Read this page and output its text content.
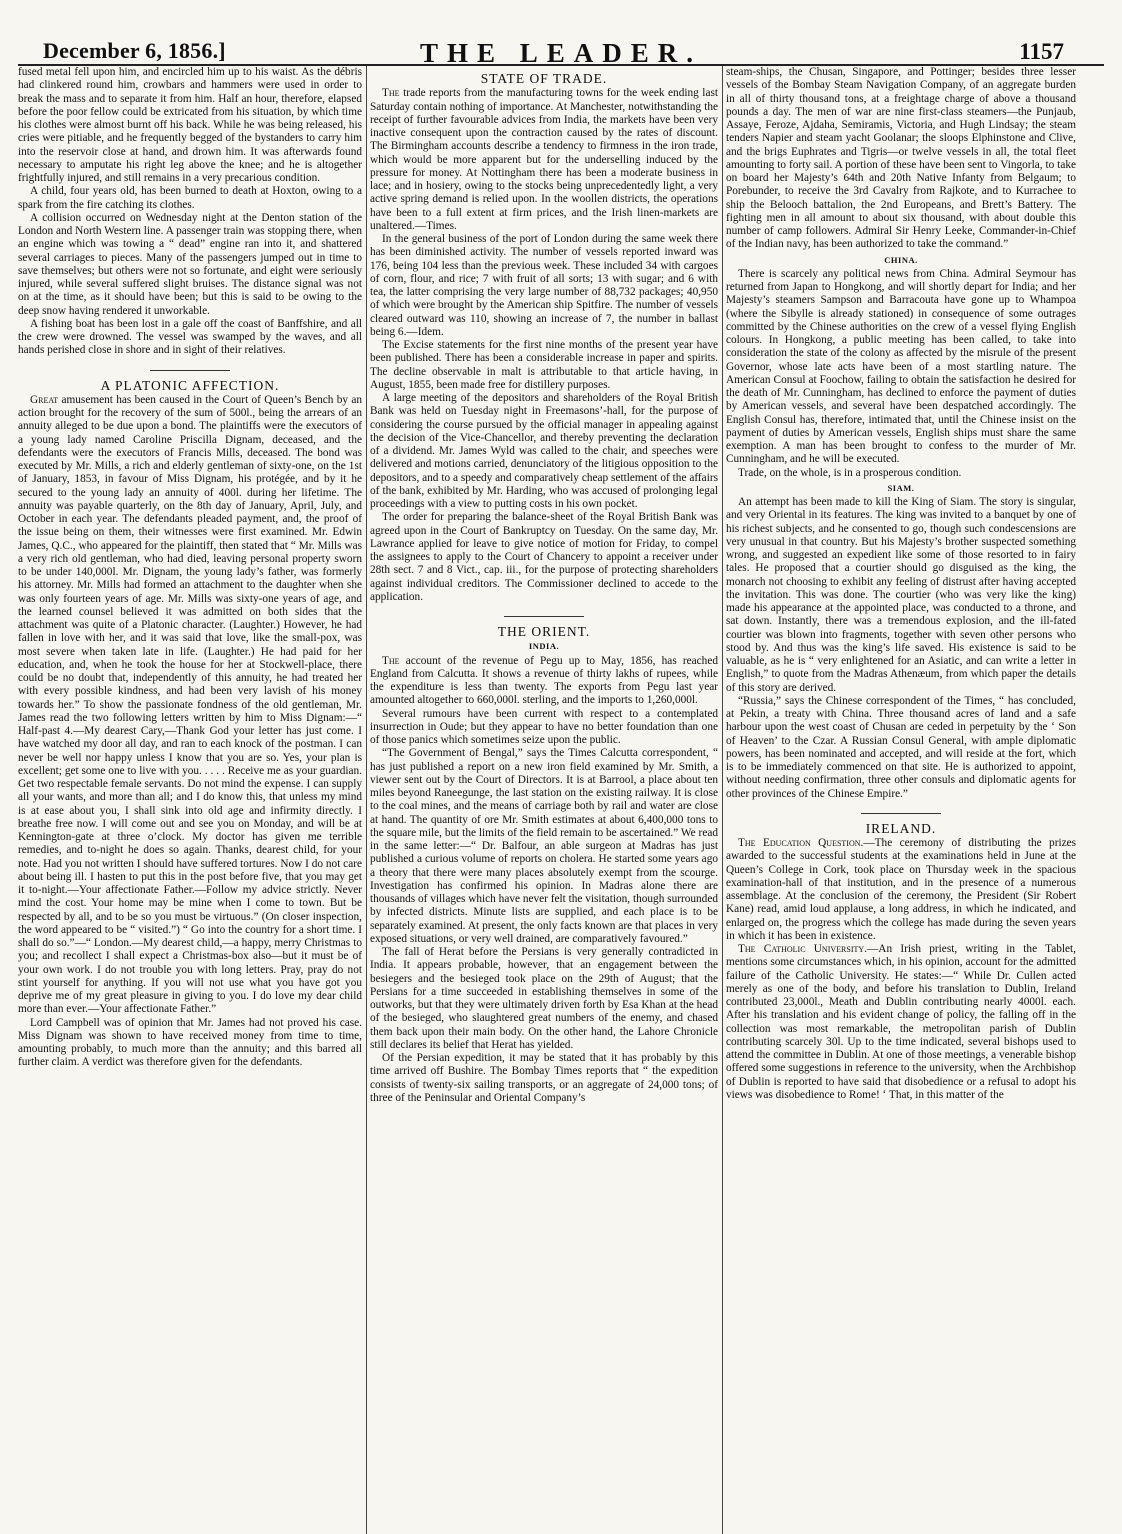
December 6, 1856.]	THE LEADER.	1157

fused metal fell upon him, and encircled him up to his waist. As the débris had clinkered round him, crowbars and hammers were used in order to break the mass and to separate it from him. Half an hour, therefore, elapsed before the poor fellow could be extricated from his situation, by which time his clothes were almost burnt off his back. While he was being released, his cries were pitiable, and he frequently begged of the bystanders to carry him into the reservoir close at hand, and drown him. It was afterwards found necessary to amputate his right leg above the knee; and he is altogether frightfully injured, and still remains in a very precarious condition.

A child, four years old, has been burned to death at Hoxton, owing to a spark from the fire catching its clothes.

A collision occurred on Wednesday night at the Denton station of the London and North Western line. A passenger train was stopping there, when an engine which was towing a “ dead” engine ran into it, and shattered several carriages to pieces. Many of the passengers jumped out in time to save themselves; but others were not so fortunate, and eight were seriously injured, while several suffered slight bruises. The distance signal was not on at the time, as it should have been; but this is said to be owing to the deep snow having rendered it unworkable.

A fishing boat has been lost in a gale off the coast of Banffshire, and all the crew were drowned. The vessel was swamped by the waves, and all hands perished close in shore and in sight of their relatives.

A PLATONIC AFFECTION.

Great amusement has been caused in the Court of Queen’s Bench by an action brought for the recovery of the sum of 500l., being the arrears of an annuity alleged to be due upon a bond. The plaintiffs were the executors of a young lady named Caroline Priscilla Dignam, deceased, and the defendants were the executors of Francis Mills, deceased. The bond was executed by Mr. Mills, a rich and elderly gentleman of sixty-one, on the 1st of January, 1853, in favour of Miss Dignam, his protégée, and by it he secured to the young lady an annuity of 400l. during her lifetime. The annuity was payable quarterly, on the 8th day of January, April, July, and October in each year. The defendants pleaded payment, and, the proof of the issue being on them, their witnesses were first examined. Mr. Edwin James, Q.C., who appeared for the plaintiff, then stated that “ Mr. Mills was a very rich old gentleman, who had died, leaving personal property sworn to be under 140,000l. Mr. Dignam, the young lady’s father, was formerly his attorney. Mr. Mills had formed an attachment to the daughter when she was only fourteen years of age. Mr. Mills was sixty-one years of age, and the learned counsel believed it was admitted on both sides that the attachment was quite of a Platonic character. (Laughter.) However, he had fallen in love with her, and it was said that love, like the small-pox, was most severe when taken late in life. (Laughter.) He had paid for her education, and, when he took the house for her at Stockwell-place, there could be no doubt that, independently of this annuity, he had treated her with every possible kindness, and had been very lavish of his money towards her.” To show the passionate fondness of the old gentleman, Mr. James read the two following letters written by him to Miss Dignam:—“ Half-past 4.—My dearest Cary,—Thank God your letter has just come. I have watched my door all day, and ran to each knock of the postman. I can never be well nor happy unless I know that you are so. Yes, your plan is excellent; get some one to live with you. . . . . Receive me as your guardian. Get two respectable female servants. Do not mind the expense. I can supply all your wants, and more than all; and I do know this, that unless my mind is at ease about you, I shall sink into old age and infirmity directly. I breathe free now. I will come out and see you on Monday, and will be at Kennington-gate at three o’clock. My doctor has given me terrible remedies, and to-night he does so again. Thanks, dearest child, for your note. Had you not written I should have suffered tortures. Now I do not care about being ill. I hasten to put this in the post before five, that you may get it to-night.—Your affectionate Father.—Follow my advice strictly. Never mind the cost. Your home may be mine when I come to town. But be respected by all, and to be so you must be virtuous.” (On closer inspection, the word appeared to be “ visited.”) “ Go into the country for a short time. I shall do so.”—“ London.—My dearest child,—a happy, merry Christmas to you; and recollect I shall expect a Christmas-box also—but it must be of your own work. I do not trouble you with long letters. Pray, pray do not stint yourself for anything. If you will not use what you have got you deprive me of my great pleasure in giving to you. I do love my dear child more than ever.—Your affectionate Father.”

Lord Campbell was of opinion that Mr. James had not proved his case. Miss Dignam was shown to have received money from time to time, amounting probably, to much more than the annuity; and this barred all further claim. A verdict was therefore given for the defendants.

STATE OF TRADE.

The trade reports from the manufacturing towns for the week ending last Saturday contain nothing of importance. At Manchester, notwithstanding the receipt of further favourable advices from India, the markets have been very inactive consequent upon the contraction caused by the rates of discount. The Birmingham accounts describe a tendency to firmness in the iron trade, which would be more apparent but for the underselling induced by the pressure for money. At Nottingham there has been a moderate business in lace; and in hosiery, owing to the stocks being unprecedentedly light, a very active spring demand is relied upon. In the woollen districts, the operations have been to a full extent at firm prices, and the Irish linen-markets are unaltered.—Times.

In the general business of the port of London during the same week there has been diminished activity. The number of vessels reported inward was 176, being 104 less than the previous week. These included 34 with cargoes of corn, flour, and rice; 7 with fruit of all sorts; 13 with sugar; and 6 with tea, the latter comprising the very large number of 88,732 packages; 40,950 of which were brought by the American ship Spitfire. The number of vessels cleared outward was 110, showing an increase of 7, the number in ballast being 6.—Idem.

The Excise statements for the first nine months of the present year have been published. There has been a considerable increase in paper and spirits. The decline observable in malt is attributable to that article having, in August, 1855, been made free for distillery purposes.

A large meeting of the depositors and shareholders of the Royal British Bank was held on Tuesday night in Freemasons’-hall, for the purpose of considering the course pursued by the official manager in appealing against the decision of the Vice-Chancellor, and thereby preventing the declaration of a dividend. Mr. James Wyld was called to the chair, and speeches were delivered and motions carried, denunciatory of the litigious opposition to the depositors, and to a speedy and comparatively cheap settlement of the affairs of the bank, exhibited by Mr. Harding, who was accused of prolonging legal proceedings with a view to putting costs in his own pocket.

The order for preparing the balance-sheet of the Royal British Bank was agreed upon in the Court of Bankruptcy on Tuesday. On the same day, Mr. Lawrance applied for leave to give notice of motion for Friday, to compel the assignees to apply to the Court of Chancery to appoint a receiver under 28th sect. 7 and 8 Vict., cap. iii., for the purpose of protecting shareholders against individual creditors. The Commissioner declined to accede to the application.

THE ORIENT.
INDIA.

The account of the revenue of Pegu up to May, 1856, has reached England from Calcutta. It shows a revenue of thirty lakhs of rupees, while the expenditure is less than twenty. The exports from Pegu last year amounted altogether to 660,000l. sterling, and the imports to 1,260,000l.

Several rumours have been current with respect to a contemplated insurrection in Oude; but they appear to have no better foundation than one of those panics which sometimes seize upon the public.

“The Government of Bengal,” says the Times Calcutta correspondent, “ has just published a report on a new iron field examined by Mr. Smith, a viewer sent out by the Court of Directors. It is at Barrool, a place about ten miles beyond Raneegunge, the last station on the existing railway. It is close to the coal mines, and the means of carriage both by rail and water are close at hand. The quantity of ore Mr. Smith estimates at about 6,400,000 tons to the square mile, but the limits of the field remain to be ascertained.” We read in the same letter:—“ Dr. Balfour, an able surgeon at Madras has just published a curious volume of reports on cholera. He started some years ago a theory that there were many places absolutely exempt from the scourge. Investigation has confirmed his opinion. In Madras alone there are thousands of villages which have never felt the visitation, though surrounded by infected districts. Minute lists are supplied, and each place is to be separately examined. At present, the only facts known are that places in very exposed situations, or very well drained, are comparatively favoured.”

The fall of Herat before the Persians is very generally contradicted in India. It appears probable, however, that an engagement between the besiegers and the besieged took place on the 29th of August; that the Persians for a time succeeded in establishing themselves in some of the outworks, but that they were ultimately driven forth by Esa Khan at the head of the besieged, who slaughtered great numbers of the enemy, and chased them back upon their main body. On the other hand, the Lahore Chronicle still declares its belief that Herat has yielded.

Of the Persian expedition, it may be stated that it has probably by this time arrived off Bushire. The Bombay Times reports that “ the expedition consists of twenty-six sailing transports, or an aggregate of 24,000 tons; of three of the Peninsular and Oriental Company’s

steam-ships, the Chusan, Singapore, and Pottinger; besides three lesser vessels of the Bombay Steam Navigation Company, of an aggregate burden in all of thirty thousand tons, at a freightage charge of above a thousand pounds a day. The men of war are nine first-class steamers—the Punjaub, Assaye, Feroze, Ajdaha, Semiramis, Victoria, and Hugh Lindsay; the steam tenders Napier and steam yacht Goolanar; the sloops Elphinstone and Clive, and the brigs Euphrates and Tigris—or twelve vessels in all, the total fleet amounting to forty sail. A portion of these have been sent to Vingorla, to take on board her Majesty’s 64th and 20th Native Infanty from Belgaum; to Porebunder, to receive the 3rd Cavalry from Rajkote, and to Kurrachee to ship the Belooch battalion, the 2nd Europeans, and Brett’s Battery. The fighting men in all amount to about six thousand, with about double this number of camp followers. Admiral Sir Henry Leeke, Commander-in-Chief of the Indian navy, has been authorized to take the command.”

CHINA.

There is scarcely any political news from China. Admiral Seymour has returned from Japan to Hongkong, and will shortly depart for India; and her Majesty’s steamers Sampson and Barracouta have gone up to Whampoa (where the Sibylle is already stationed) in consequence of some outrages committed by the Chinese authorities on the crew of a vessel flying English colours. In Hongkong, a public meeting has been called, to take into consideration the state of the colony as affected by the misrule of the present Governor, whose late acts have been of a most startling nature. The American Consul at Foochow, failing to obtain the satisfaction he desired for the death of Mr. Cunningham, has declined to enforce the payment of duties by American vessels, and several have been despatched accordingly. The English Consul has, therefore, intimated that, until the Chinese insist on the payment of duties by American vessels, English ships must share the same exemption. A man has been brought to confess to the murder of Mr. Cunningham, and he will be executed.

Trade, on the whole, is in a prosperous condition.

SIAM.

An attempt has been made to kill the King of Siam. The story is singular, and very Oriental in its features. The king was invited to a banquet by one of his richest subjects, and he consented to go, though such condescensions are very unusual in that country. But his Majesty’s brother suspected something wrong, and suggested an expedient like some of those resorted to in fairy tales. He proposed that a courtier should go disguised as the king, the monarch not choosing to exhibit any feeling of distrust after having accepted the invitation. This was done. The courtier (who was very like the king) made his appearance at the appointed place, was conducted to a throne, and sat down. Instantly, there was a tremendous explosion, and the ill-fated courtier was blown into fragments, together with seven other persons who stood by. And thus was the king’s life saved. His existence is said to be valuable, as he is “ very enlightened for an Asiatic, and can write a letter in English,” to quote from the Madras Athenæum, from which paper the details of this story are derived.

“Russia,” says the Chinese correspondent of the Times, “ has concluded, at Pekin, a treaty with China. Three thousand acres of land and a safe harbour upon the west coast of Chusan are ceded in perpetuity by the ‘ Son of Heaven’ to the Czar. A Russian Consul General, with ample diplomatic powers, has been nominated and accepted, and will reside at the fort, which is to be immediately commenced on that site. He is authorized to appoint, without needing confirmation, three other consuls and diplomatic agents for other provinces of the Chinese Empire.”

IRELAND.

The Education Question.—The ceremony of distributing the prizes awarded to the successful students at the examinations held in June at the Queen’s College in Cork, took place on Thursday week in the spacious examination-hall of that institution, and in the presence of a numerous assemblage. At the conclusion of the ceremony, the President (Sir Robert Kane) read, amid loud applause, a long address, in which he indicated, and enlarged on, the progress which the college has made during the seven years in which it has been in existence.

The Catholic University.—An Irish priest, writing in the Tablet, mentions some circumstances which, in his opinion, account for the admitted failure of the Catholic University. He states:—“ While Dr. Cullen acted merely as one of the body, and before his translation to Dublin, Ireland contributed 23,000l., Meath and Dublin contributing nearly 4000l. each. After his translation and his evident change of policy, the falling off in the collection was most remarkable, the metropolitan parish of Dublin contributing scarcely 30l. Up to the time indicated, several bishops used to attend the committee in Dublin. At one of those meetings, a venerable bishop offered some suggestions in reference to the university, when the Archbishop of Dublin is reported to have said that disobedience or a refusal to adopt his views was disobedience to Rome! ‘ That, in this matter of the
